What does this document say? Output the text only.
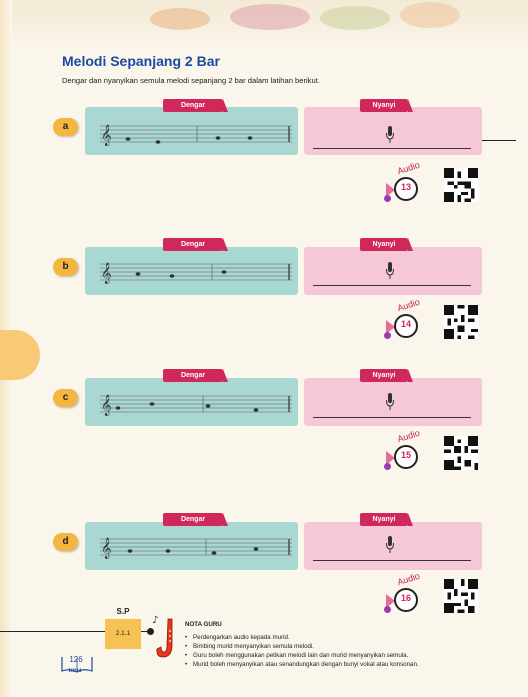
Melodi Sepanjang 2 Bar

Dengar dan nyanyikan semula melodi sepanjang 2 bar dalam latihan berikut.

a
Dengar
𝄞
Nyanyi
13
Audio
b
Dengar
𝄞
Nyanyi
14
Audio
c
Dengar
𝄞
Nyanyi
15
Audio
d
Dengar
𝄞
Nyanyi
16
Audio
S.P
2.1.1
♪	NOTA GURU
• Perdengarkan audio kepada murid.
• Bimbing murid menyanyikan semula melodi.
• Guru boleh menggunakan petikan melodi lain dan murid menyanyikan semula.
• Murid boleh menyanyikan atau senandungkan dengan bunyi vokal atau konsonan.
126
KPM
